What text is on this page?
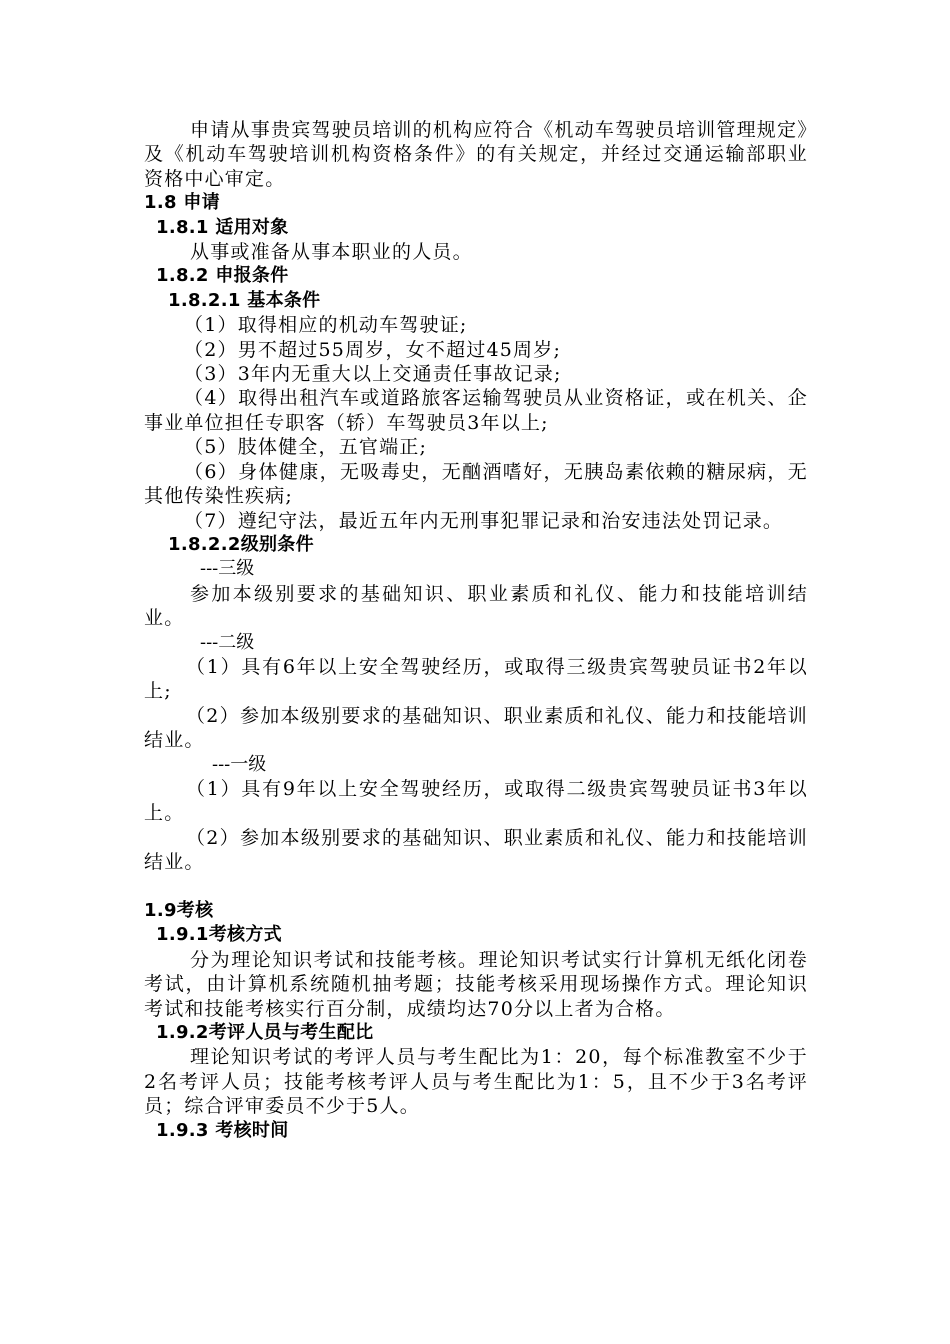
申请从事贵宾驾驶员培训的机构应符合《机动车驾驶员培训管理规定》及《机动车驾驶培训机构资格条件》的有关规定，并经过交通运输部职业资格中心审定。
1.8 申请
1.8.1 适用对象
从事或准备从事本职业的人员。
1.8.2 申报条件
1.8.2.1 基本条件
（1）取得相应的机动车驾驶证;
（2）男不超过55周岁，女不超过45周岁;
（3）3年内无重大以上交通责任事故记录;
（4）取得出租汽车或道路旅客运输驾驶员从业资格证，或在机关、企事业单位担任专职客（轿）车驾驶员3年以上;
（5）肢体健全，五官端正;
（6）身体健康，无吸毒史，无酗酒嗜好，无胰岛素依赖的糖尿病，无其他传染性疾病;
（7）遵纪守法，最近五年内无刑事犯罪记录和治安违法处罚记录。
1.8.2.2级别条件
---三级
参加本级别要求的基础知识、职业素质和礼仪、能力和技能培训结业。
---二级
（1）具有6年以上安全驾驶经历，或取得三级贵宾驾驶员证书2年以上;
（2）参加本级别要求的基础知识、职业素质和礼仪、能力和技能培训结业。
---一级
（1）具有9年以上安全驾驶经历，或取得二级贵宾驾驶员证书3年以上。
（2）参加本级别要求的基础知识、职业素质和礼仪、能力和技能培训结业。
1.9考核
1.9.1考核方式
分为理论知识考试和技能考核。理论知识考试实行计算机无纸化闭卷考试，由计算机系统随机抽考题；技能考核采用现场操作方式。理论知识考试和技能考核实行百分制，成绩均达70分以上者为合格。
1.9.2考评人员与考生配比
理论知识考试的考评人员与考生配比为1：20，每个标准教室不少于2名考评人员；技能考核考评人员与考生配比为1：5，且不少于3名考评员；综合评审委员不少于5人。
1.9.3 考核时间
